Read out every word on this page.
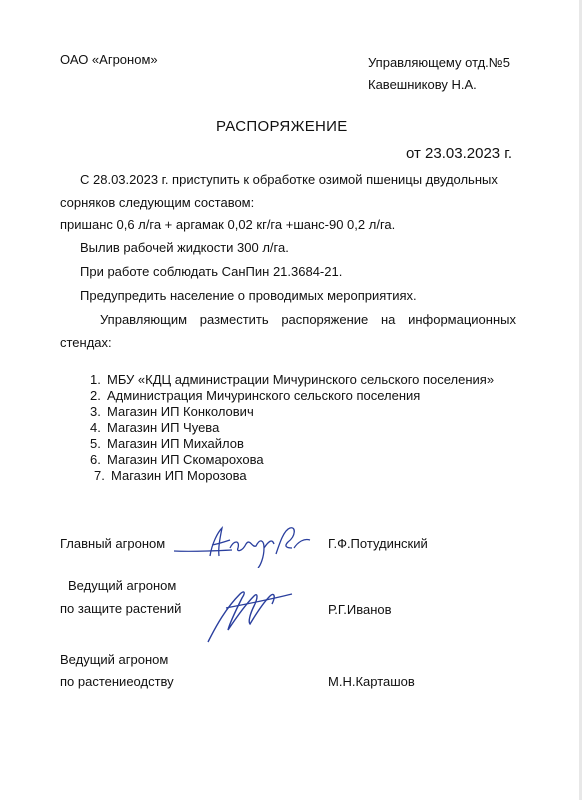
ОАО «Агроном»	Управляющему отд.№5
Кавешникову Н.А.
РАСПОРЯЖЕНИЕ
от 23.03.2023 г.
С 28.03.2023 г. приступить к обработке озимой пшеницы двудольных
сорняков следующим составом:
пришанс 0,6 л/га + аргамак 0,02 кг/га +шанс-90 0,2 л/га.
Вылив рабочей жидкости 300 л/га.
При работе соблюдать СанПин 21.3684-21.
Предупредить население о проводимых мероприятиях.
Управляющим разместить распоряжение на информационных
стендах:
1. МБУ «КДЦ администрации Мичуринского сельского поселения»
2. Администрация Мичуринского сельского поселения
3. Магазин ИП Конколович
4. Магазин ИП Чуева
5. Магазин ИП Михайлов
6. Магазин ИП Скомарохова
7. Магазин ИП Морозова
Главный агроном	Г.Ф.Потудинский
Ведущий агроном
по защите растений	Р.Г.Иванов
Ведущий агроном
по растениеодству	М.Н.Карташов
